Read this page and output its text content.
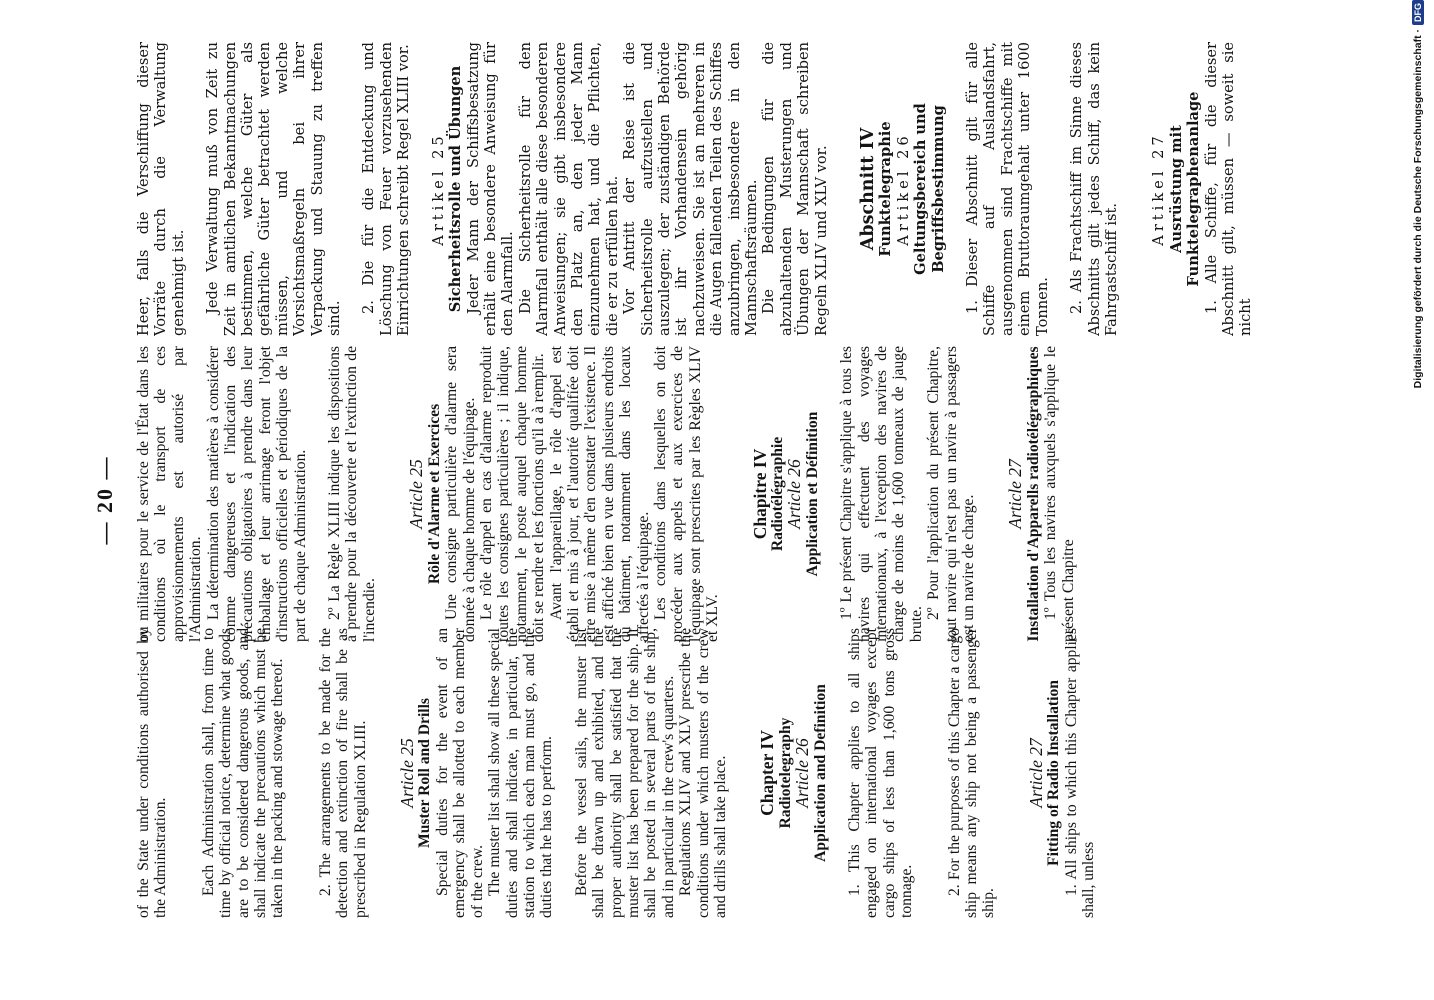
— 20 —

of the State under conditions authorised by the Administration. Each Administration shall, from time to time by official notice, determine what goods are to be considered dangerous goods, and shall indicate the precautions which must be taken in the packing and stowage thereof. 2. The arrangements to be made for the detection and extinction of fire shall be as prescribed in Regulation XLIII. Article 25 Muster Roll and Drills Special duties for the event of an emergency shall be allotted to each member of the crew. The muster list shall show all these special duties and shall indicate, in particular, the station to which each man must go, and the duties that he has to perform. Before the vessel sails, the muster list shall be drawn up and exhibited, and the proper authority shall be satisfied that the muster list has been prepared for the ship. It shall be posted in several parts of the ship, and in particular in the crew's quarters. Regulations XLIV and XLV prescribe the conditions under which musters of the crew and drills shall take place. Chapter IV Radiotelegraphy

Article 26 Application and Definition 1. This Chapter applies to all ships engaged on international voyages except cargo ships of less than 1,600 tons gross tonnage. 2. For the purposes of this Chapter a cargo ship means any ship not being a passenger ship.

Article 27 Fitting of Radio Installation 1. All ships to which this Chapter applies shall, unless

ou militaires pour le service de l'État dans les conditions où le transport de ces approvisionnements est autorisé par l'Administration. La détermination des matières à considérer comme dangereuses et l'indication des précautions obligatoires à prendre dans leur emballage et leur arrimage feront l'objet d'instructions officielles et périodiques de la part de chaque Administration. 2º La Règle XLIII indique les dispositions à prendre pour la découverte et l'extinction de l'incendie.

Article 25 Rôle d'Alarme et Exercices Une consigne particulière d'alarme sera donnée à chaque homme de l'équipage. Le rôle d'appel en cas d'alarme reproduit toutes les consignes particulières ; il indique, notamment, le poste auquel chaque homme doit se rendre et les fonctions qu'il a à remplir. Avant l'appareillage, le rôle d'appel est établi et mis à jour, et l'autorité qualifiée doit être mise à même d'en constater l'existence. Il est affiché bien en vue dans plusieurs endroits du bâtiment, notamment dans les locaux affectés à l'équipage. Les conditions dans lesquelles on doit procéder aux appels et aux exercices de l'équipage sont prescrites par les Règles XLIV et XLV.

Chapitre IV Radiotélégraphie

Article 26 Application et Définition 1º Le présent Chapitre s'applique à tous les navires qui effectuent des voyages internationaux, à l'exception des navires de charge de moins de 1,600 tonneaux de jauge brute.

2º Pour l'application du présent Chapitre, tout navire qui n'est pas un navire à passagers est un navire de charge.

Article 27 Installation d'Apparells radiotélégraphiques 1º Tous les navires auxquels s'applique le présent Chapitre

Heer, falls die Verschiffung dieser Vorräte durch die Verwaltung genehmigt ist. Jede Verwaltung muß von Zeit zu Zeit in amtlichen Bekanntmachungen bestimmen, welche Güter als gefährliche Güter betrachtet werden müssen, und welche Vorsichtsmaßregeln bei ihrer Verpackung und Stauung zu treffen sind.

2. Die für die Entdeckung und Löschung von Feuer vorzusehenden Einrichtungen schreibt Regel XLIII vor. Artikel 25 Sicherheitsrolle und Übungen Jeder Mann der Schiffsbesatzung erhält eine besondere Anweisung für den Alarmfall. Die Sicherheitsrolle für den Alarmfall enthält alle diese besonderen Anweisungen; sie gibt insbesondere den Platz an, den jeder Mann einzunehmen hat, und die Pflichten, die er zu erfüllen hat. Vor Antritt der Reise ist die Sicherheitsrolle aufzustellen und auszulegen; der zuständigen Behörde ist ihr Vorhandensein gehörig nachzuweisen. Sie ist an mehreren in die Augen fallenden Teilen des Schiffes anzubringen, insbesondere in den Mannschaftsräumen. Die Bedingungen für die abzuhaltenden Musterungen und Übungen der Mannschaft schreiben Regeln XLIV und XLV vor. Abschnitt IV Funktelegraphie Artikel 26 Geltungsbereich und Begriffsbestimmung 1. Dieser Abschnitt gilt für alle Schiffe auf Auslandsfahrt, ausgenommen sind Frachtschiffe mit einem Bruttoraumgehalt unter 1600 Tonnen. 2. Als Frachtschiff im Sinne dieses Abschnitts gilt jedes Schiff, das kein Fahrgastschiff ist.

Artikel 27 Ausrüstung mit Funktelegraphenanlage 1. Alle Schiffe, für die dieser Abschnitt gilt, müssen — soweit sie nicht	Digitalisierung gefördert durch die Deutsche Forschungsgemeinschaft ·
DFG
